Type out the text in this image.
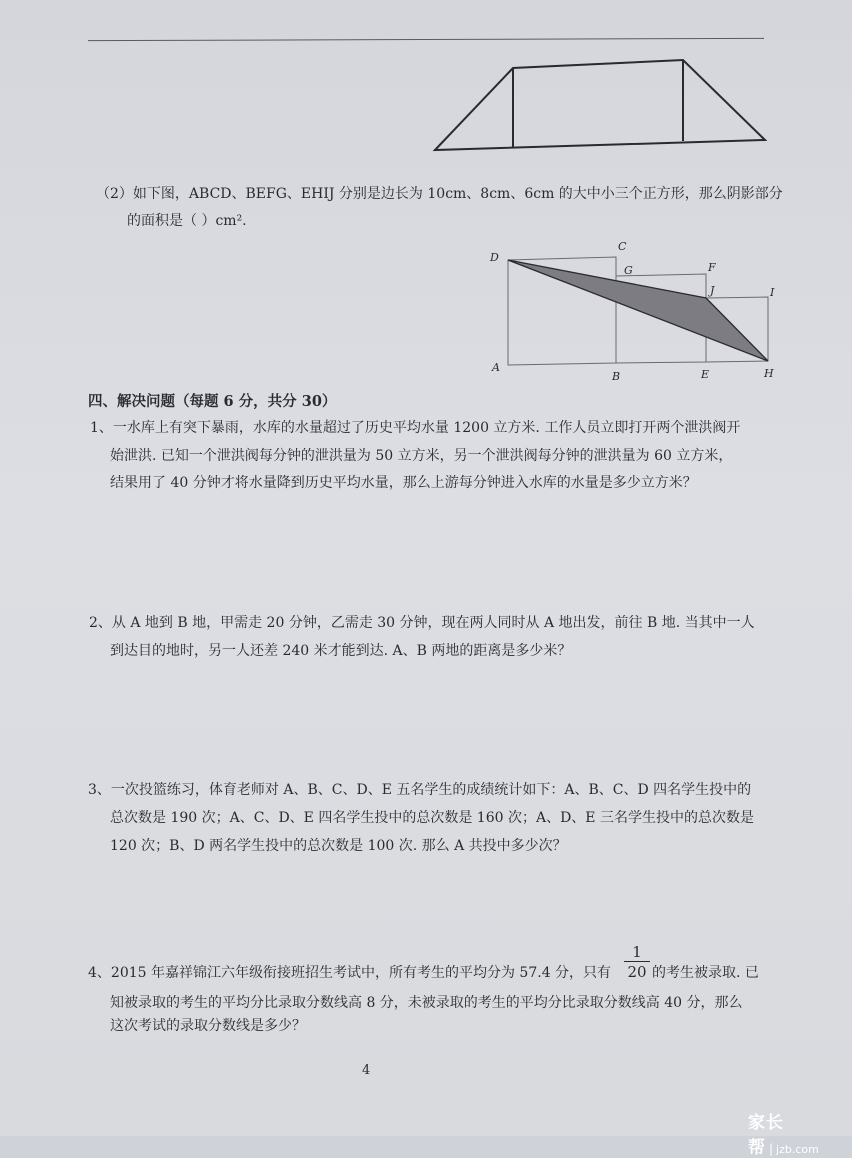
（2）如下图，ABCD、BEFG、EHIJ 分别是边长为 10cm、8cm、6cm 的大中小三个正方形，那么阴影部分
的面积是（ ）cm².
D
C
G	F
J	I
A
B	E	H
四、解决问题（每题 6 分，共分 30）
1、一水库上有突下暴雨，水库的水量超过了历史平均水量 1200 立方米. 工作人员立即打开两个泄洪阀开
始泄洪. 已知一个泄洪阀每分钟的泄洪量为 50 立方米，另一个泄洪阀每分钟的泄洪量为 60 立方米，
结果用了 40 分钟才将水量降到历史平均水量，那么上游每分钟进入水库的水量是多少立方米？
2、从 A 地到 B 地，甲需走 20 分钟，乙需走 30 分钟，现在两人同时从 A 地出发，前往 B 地. 当其中一人
到达目的地时，另一人还差 240 米才能到达. A、B 两地的距离是多少米？
3、一次投篮练习，体育老师对 A、B、C、D、E 五名学生的成绩统计如下：A、B、C、D 四名学生投中的
总次数是 190 次；A、C、D、E 四名学生投中的总次数是 160 次；A、D、E 三名学生投中的总次数是
120 次；B、D 两名学生投中的总次数是 100 次. 那么 A 共投中多少次？
4、2015 年嘉祥锦江六年级衔接班招生考试中，所有考生的平均分为 57.4 分，只有
1
20 的考生被录取. 已
知被录取的考生的平均分比录取分数线高 8 分，未被录取的考生的平均分比录取分数线高 40 分，那么
这次考试的录取分数线是多少？
4
家长帮 | jzb.com
